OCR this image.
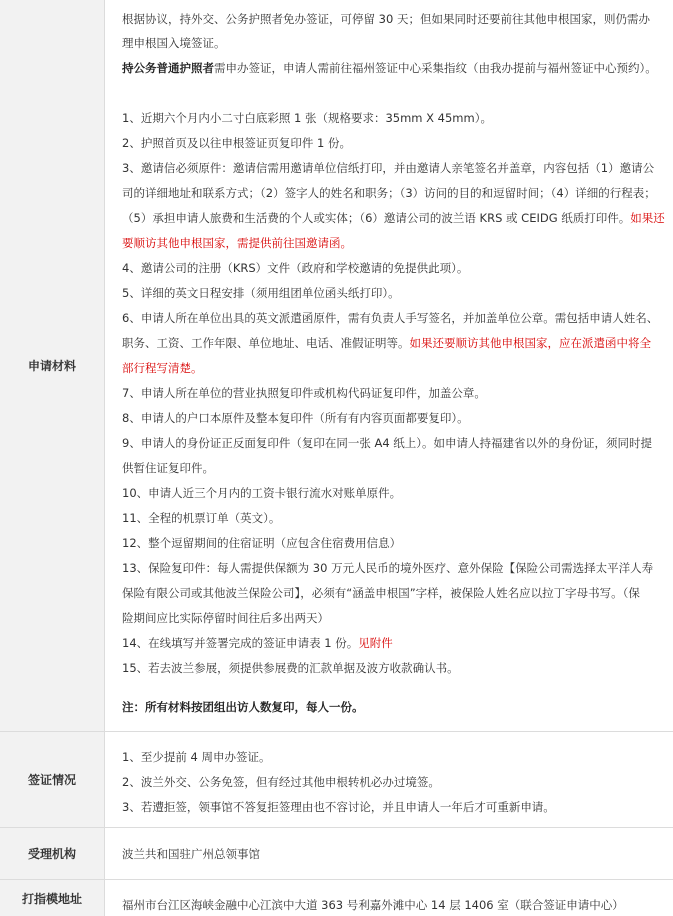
申请材料
根据协议，持外交、公务护照者免办签证，可停留 30 天；但如果同时还要前往其他申根国家，则仍需办
理申根国入境签证。
持公务普通护照者需申办签证，申请人需前往福州签证中心采集指纹（由我办提前与福州签证中心预约）。
1、近期六个月内小二寸白底彩照 1 张（规格要求：35mm X 45mm）。
2、护照首页及以往申根签证页复印件 1 份。
3、邀请信必须原件：邀请信需用邀请单位信纸打印，并由邀请人亲笔签名并盖章，内容包括（1）邀请公
司的详细地址和联系方式；（2）签字人的姓名和职务；（3）访问的目的和逗留时间；（4）详细的行程表；
（5）承担申请人旅费和生活费的个人或实体；（6）邀请公司的波兰语 KRS 或 CEIDG 纸质打印件。如果还
要顺访其他申根国家，需提供前往国邀请函。
4、邀请公司的注册（KRS）文件（政府和学校邀请的免提供此项）。
5、详细的英文日程安排（须用组团单位函头纸打印）。
6、申请人所在单位出具的英文派遣函原件，需有负责人手写签名，并加盖单位公章。需包括申请人姓名、
职务、工资、工作年限、单位地址、电话、准假证明等。如果还要顺访其他申根国家，应在派遣函中将全
部行程写清楚。
7、申请人所在单位的营业执照复印件或机构代码证复印件，加盖公章。
8、申请人的户口本原件及整本复印件（所有有内容页面都要复印）。
9、申请人的身份证正反面复印件（复印在同一张 A4 纸上）。如申请人持福建省以外的身份证，须同时提
供暂住证复印件。
10、申请人近三个月内的工资卡银行流水对账单原件。
11、全程的机票订单（英文）。
12、整个逗留期间的住宿证明（应包含住宿费用信息）
13、保险复印件：每人需提供保额为 30 万元人民币的境外医疗、意外保险【保险公司需选择太平洋人寿
保险有限公司或其他波兰保险公司】，必须有“涵盖申根国”字样，被保险人姓名应以拉丁字母书写。（保
险期间应比实际停留时间往后多出两天）
14、在线填写并签署完成的签证申请表 1 份。见附件
15、若去波兰参展，须提供参展费的汇款单据及波方收款确认书。
注：所有材料按团组出访人数复印，每人一份。
签证情况
1、至少提前 4 周申办签证。
2、波兰外交、公务免签，但有经过其他申根转机必办过境签。
3、若遭拒签，领事馆不答复拒签理由也不容讨论，并且申请人一年后才可重新申请。
受理机构	波兰共和国驻广州总领事馆
打指模地址	福州市台江区海峡金融中心江滨中大道 363 号利嘉外滩中心 14 层 1406 室（联合签证申请中心）
